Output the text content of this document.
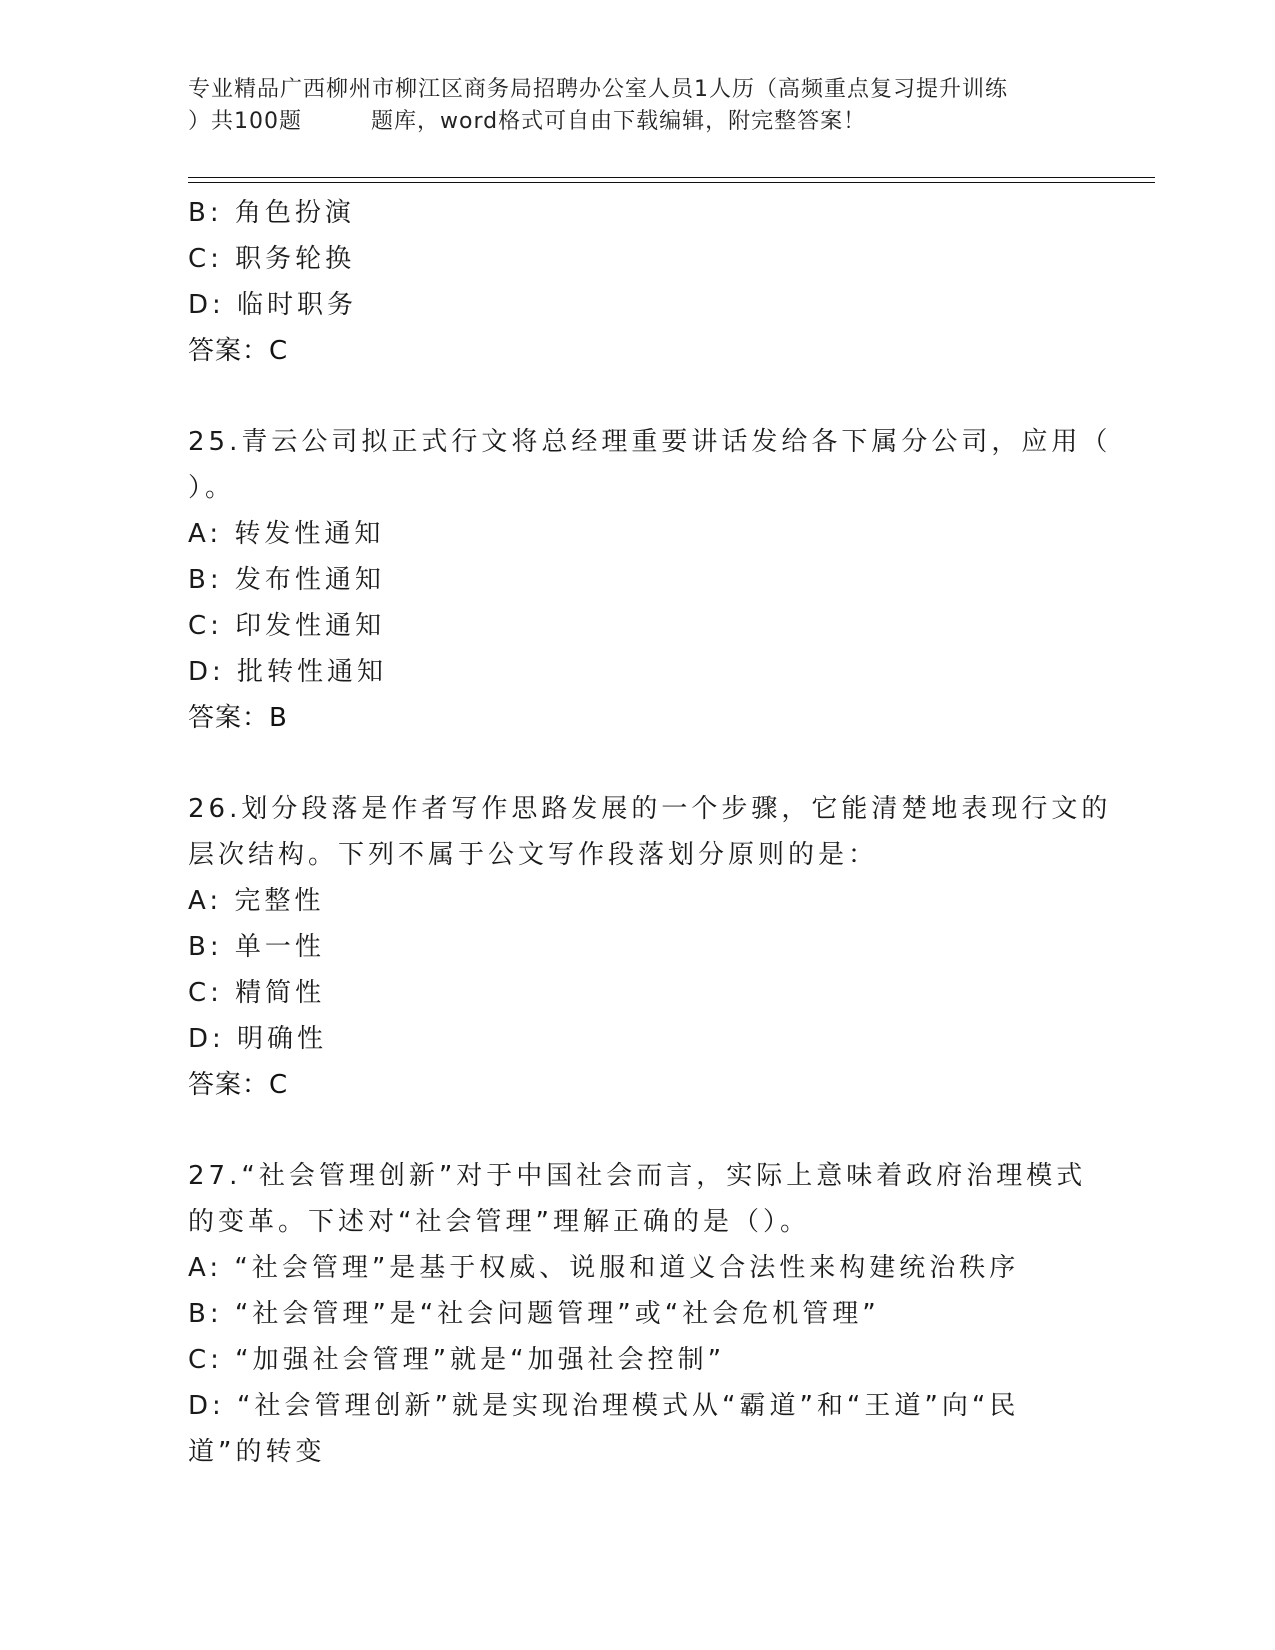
专业精品广西柳州市柳江区商务局招聘办公室人员1人历（高频重点复习提升训练
）共100题　　　题库，word格式可自由下载编辑，附完整答案！
B: 角色扮演
C: 职务轮换
D: 临时职务
答案：C
25.青云公司拟正式行文将总经理重要讲话发给各下属分公司，应用（
）。
A: 转发性通知
B: 发布性通知
C: 印发性通知
D: 批转性通知
答案：B
26.划分段落是作者写作思路发展的一个步骤，它能清楚地表现行文的
层次结构。下列不属于公文写作段落划分原则的是：
A: 完整性
B: 单一性
C: 精简性
D: 明确性
答案：C
27.“社会管理创新”对于中国社会而言，实际上意味着政府治理模式
的变革。下述对“社会管理”理解正确的是（）。
A: “社会管理”是基于权威、说服和道义合法性来构建统治秩序
B: “社会管理”是“社会问题管理”或“社会危机管理”
C: “加强社会管理”就是“加强社会控制”
D: “社会管理创新”就是实现治理模式从“霸道”和“王道”向“民
道”的转变
